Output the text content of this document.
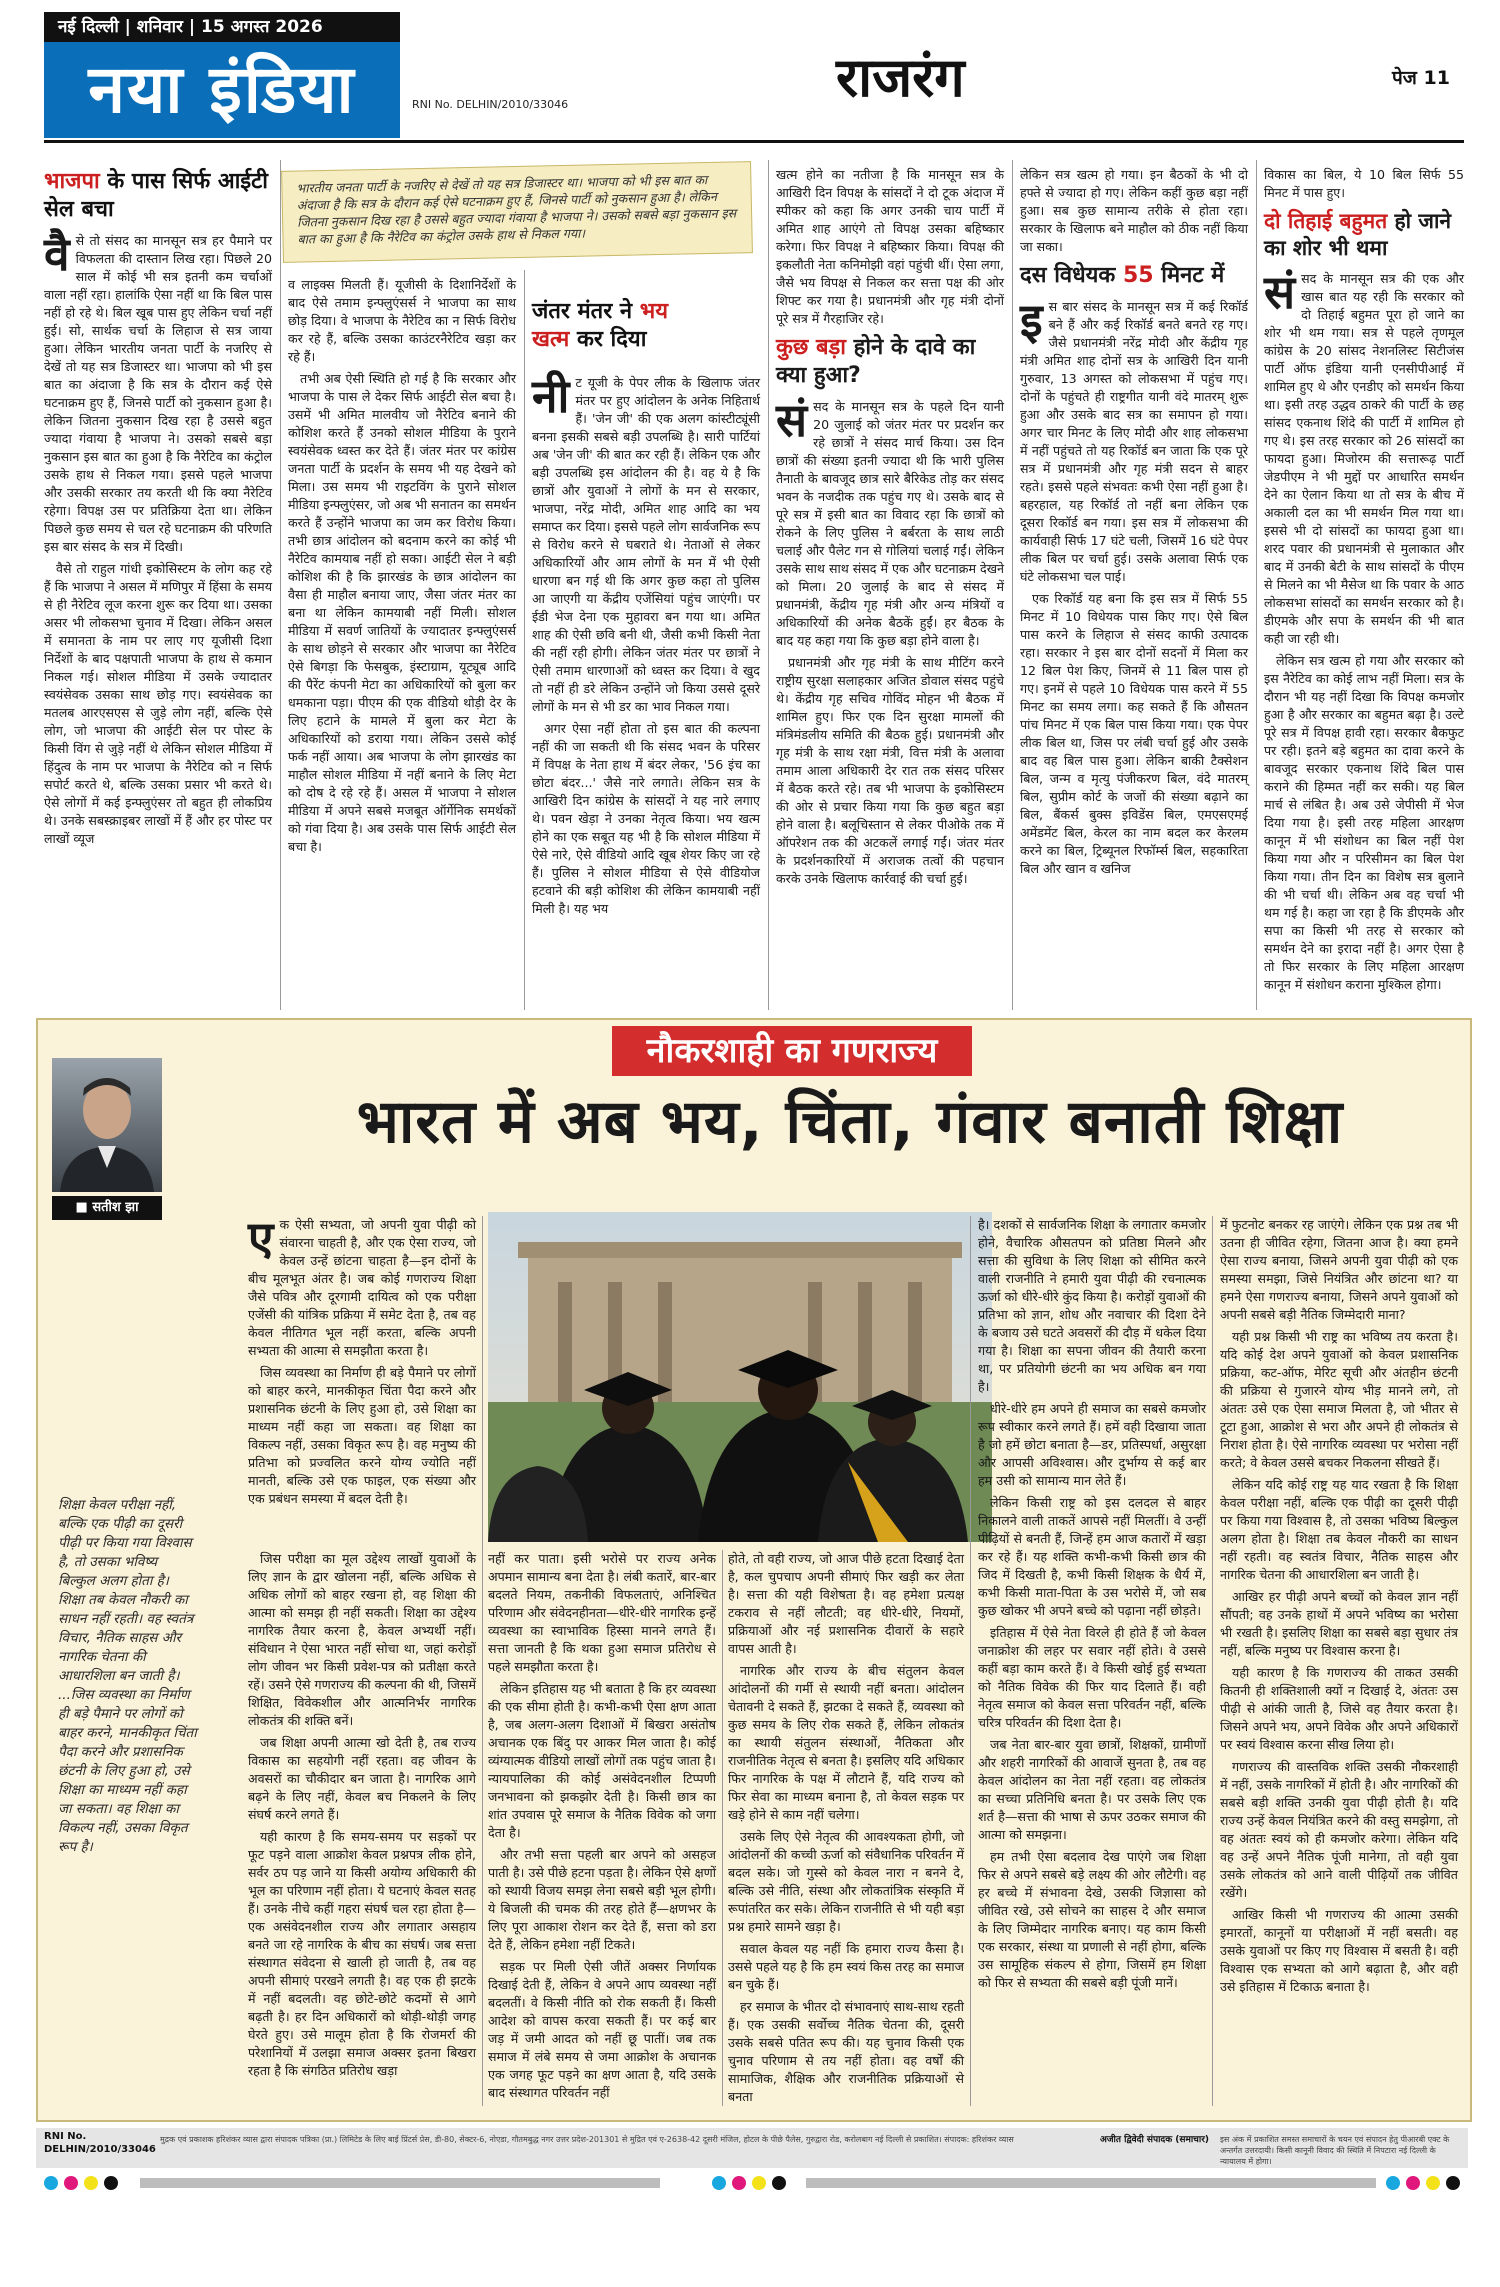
नई दिल्ली | शनिवार | 15 अगस्त 2026
नया इंडिया	RNI No. DELHIN/2010/33046	राजरंग	पेज 11
भाजपा के पास सिर्फ आईटी सेल बचा

वैसे तो संसद का मानसून सत्र हर पैमाने पर विफलता की दास्तान लिख रहा। पिछले 20 साल में कोई भी सत्र इतनी कम चर्चाओं वाला नहीं रहा। हालांकि ऐसा नहीं था कि बिल पास नहीं हो रहे थे। बिल खूब पास हुए लेकिन चर्चा नहीं हुई। सो, सार्थक चर्चा के लिहाज से सत्र जाया हुआ। लेकिन भारतीय जनता पार्टी के नजरिए से देखें तो यह सत्र डिजास्टर था। भाजपा को भी इस बात का अंदाजा है कि सत्र के दौरान कई ऐसे घटनाक्रम हुए हैं, जिनसे पार्टी को नुकसान हुआ है। लेकिन जितना नुकसान दिख रहा है उससे बहुत ज्यादा गंवाया है भाजपा ने। उसको सबसे बड़ा नुकसान इस बात का हुआ है कि नैरेटिव का कंट्रोल उसके हाथ से निकल गया। इससे पहले भाजपा और उसकी सरकार तय करती थी कि क्या नैरेटिव रहेगा। विपक्ष उस पर प्रतिक्रिया देता था। लेकिन पिछले कुछ समय से चल रहे घटनाक्रम की परिणति इस बार संसद के सत्र में दिखी।

वैसे तो राहुल गांधी इकोसिस्टम के लोग कह रहे हैं कि भाजपा ने असल में मणिपुर में हिंसा के समय से ही नैरेटिव लूज करना शुरू कर दिया था। उसका असर भी लोकसभा चुनाव में दिखा। लेकिन असल में समानता के नाम पर लाए गए यूजीसी दिशा निर्देशों के बाद पक्षपाती भाजपा के हाथ से कमान निकल गई। सोशल मीडिया में उसके ज्यादातर स्वयंसेवक उसका साथ छोड़ गए। स्वयंसेवक का मतलब आरएसएस से जुड़े लोग नहीं, बल्कि ऐसे लोग, जो भाजपा की आईटी सेल पर पोस्ट के किसी विंग से जुड़े नहीं थे लेकिन सोशल मीडिया में हिंदुत्व के नाम पर भाजपा के नैरेटिव को न सिर्फ सपोर्ट करते थे, बल्कि उसका प्रसार भी करते थे। ऐसे लोगों में कई इन्फ्लुएंसर तो बहुत ही लोकप्रिय थे। उनके सबस्क्राइबर लाखों में हैं और हर पोस्ट पर लाखों व्यूज

भारतीय जनता पार्टी के नजरिए से देखें तो यह सत्र डिजास्टर था। भाजपा को भी इस बात का अंदाजा है कि सत्र के दौरान कई ऐसे घटनाक्रम हुए हैं, जिनसे पार्टी को नुकसान हुआ है। लेकिन जितना नुकसान दिख रहा है उससे बहुत ज्यादा गंवाया है भाजपा ने। उसको सबसे बड़ा नुकसान इस बात का हुआ है कि नैरेटिव का कंट्रोल उसके हाथ से निकल गया।

व लाइक्स मिलती हैं। यूजीसी के दिशानिर्देशों के बाद ऐसे तमाम इन्फ्लुएंसर्स ने भाजपा का साथ छोड़ दिया। वे भाजपा के नैरेटिव का न सिर्फ विरोध कर रहे हैं, बल्कि उसका काउंटरनैरेटिव खड़ा कर रहे हैं।

तभी अब ऐसी स्थिति हो गई है कि सरकार और भाजपा के पास ले देकर सिर्फ आईटी सेल बचा है। उसमें भी अमित मालवीय जो नैरेटिव बनाने की कोशिश करते हैं उनको सोशल मीडिया के पुराने स्वयंसेवक ध्वस्त कर देते हैं। जंतर मंतर पर कांग्रेस जनता पार्टी के प्रदर्शन के समय भी यह देखने को मिला। उस समय भी राइटविंग के पुराने सोशल मीडिया इन्फ्लुएंसर, जो अब भी सनातन का समर्थन करते हैं उन्होंने भाजपा का जम कर विरोध किया। तभी छात्र आंदोलन को बदनाम करने का कोई भी नैरेटिव कामयाब नहीं हो सका। आईटी सेल ने बड़ी कोशिश की है कि झारखंड के छात्र आंदोलन का वैसा ही माहौल बनाया जाए, जैसा जंतर मंतर का बना था लेकिन कामयाबी नहीं मिली। सोशल मीडिया में सवर्ण जातियों के ज्यादातर इन्फ्लुएंसर्स के साथ छोड़ने से सरकार और भाजपा का नैरेटिव ऐसे बिगड़ा कि फेसबुक, इंस्टाग्राम, यूट्यूब आदि की पैरेंट कंपनी मेटा का अधिकारियों को बुला कर धमकाना पड़ा। पीएम की एक वीडियो थोड़ी देर के लिए हटाने के मामले में बुला कर मेटा के अधिकारियों को डराया गया। लेकिन उससे कोई फर्क नहीं आया। अब भाजपा के लोग झारखंड का माहौल सोशल मीडिया में नहीं बनाने के लिए मेटा को दोष दे रहे रहे हैं। असल में भाजपा ने सोशल मीडिया में अपने सबसे मजबूत ऑर्गेनिक समर्थकों को गंवा दिया है। अब उसके पास सिर्फ आईटी सेल बचा है।

जंतर मंतर ने भय
खत्म कर दिया

नीट यूजी के पेपर लीक के खिलाफ जंतर मंतर पर हुए आंदोलन के अनेक निहितार्थ हैं। 'जेन जी' की एक अलग कांस्टीट्यूंसी बनना इसकी सबसे बड़ी उपलब्धि है। सारी पार्टियां अब 'जेन जी' की बात कर रही हैं। लेकिन एक और बड़ी उपलब्धि इस आंदोलन की है। वह ये है कि छात्रों और युवाओं ने लोगों के मन से सरकार, भाजपा, नरेंद्र मोदी, अमित शाह आदि का भय समाप्त कर दिया। इससे पहले लोग सार्वजनिक रूप से विरोध करने से घबराते थे। नेताओं से लेकर अधिकारियों और आम लोगों के मन में भी ऐसी धारणा बन गई थी कि अगर कुछ कहा तो पुलिस आ जाएगी या केंद्रीय एजेंसियां पहुंच जाएंगी। पर ईडी भेज देना एक मुहावरा बन गया था। अमित शाह की ऐसी छवि बनी थी, जैसी कभी किसी नेता की नहीं रही होगी। लेकिन जंतर मंतर पर छात्रों ने ऐसी तमाम धारणाओं को ध्वस्त कर दिया। वे खुद तो नहीं ही डरे लेकिन उन्होंने जो किया उससे दूसरे लोगों के मन से भी डर का भाव निकल गया।

अगर ऐसा नहीं होता तो इस बात की कल्पना नहीं की जा सकती थी कि संसद भवन के परिसर में विपक्ष के नेता हाथ में बंदर लेकर, '56 इंच का छोटा बंदर...' जैसे नारे लगाते। लेकिन सत्र के आखिरी दिन कांग्रेस के सांसदों ने यह नारे लगाए थे। पवन खेड़ा ने उनका नेतृत्व किया। भय खत्म होने का एक सबूत यह भी है कि सोशल मीडिया में ऐसे नारे, ऐसे वीडियो आदि खूब शेयर किए जा रहे हैं। पुलिस ने सोशल मीडिया से ऐसे वीडियोज हटवाने की बड़ी कोशिश की लेकिन कामयाबी नहीं मिली है। यह भय

खत्म होने का नतीजा है कि मानसून सत्र के आखिरी दिन विपक्ष के सांसदों ने दो टूक अंदाज में स्पीकर को कहा कि अगर उनकी चाय पार्टी में अमित शाह आएंगे तो विपक्ष उसका बहिष्कार करेगा। फिर विपक्ष ने बहिष्कार किया। विपक्ष की इकलौती नेता कनिमोझी वहां पहुंची थीं। ऐसा लगा, जैसे भय विपक्ष से निकल कर सत्ता पक्ष की ओर शिफ्ट कर गया है। प्रधानमंत्री और गृह मंत्री दोनों पूरे सत्र में गैरहाजिर रहे।

कुछ बड़ा होने के दावे का क्या हुआ?

संसद के मानसून सत्र के पहले दिन यानी 20 जुलाई को जंतर मंतर पर प्रदर्शन कर रहे छात्रों ने संसद मार्च किया। उस दिन छात्रों की संख्या इतनी ज्यादा थी कि भारी पुलिस तैनाती के बावजूद छात्र सारे बैरिकेड तोड़ कर संसद भवन के नजदीक तक पहुंच गए थे। उसके बाद से पूरे सत्र में इसी बात का विवाद रहा कि छात्रों को रोकने के लिए पुलिस ने बर्बरता के साथ लाठी चलाई और पैलेट गन से गोलियां चलाई गईं। लेकिन उसके साथ साथ संसद में एक और घटनाक्रम देखने को मिला। 20 जुलाई के बाद से संसद में प्रधानमंत्री, केंद्रीय गृह मंत्री और अन्य मंत्रियों व अधिकारियों की अनेक बैठकें हुईं। हर बैठक के बाद यह कहा गया कि कुछ बड़ा होने वाला है।

प्रधानमंत्री और गृह मंत्री के साथ मीटिंग करने राष्ट्रीय सुरक्षा सलाहकार अजित डोवाल संसद पहुंचे थे। केंद्रीय गृह सचिव गोविंद मोहन भी बैठक में शामिल हुए। फिर एक दिन सुरक्षा मामलों की मंत्रिमंडलीय समिति की बैठक हुई। प्रधानमंत्री और गृह मंत्री के साथ रक्षा मंत्री, वित्त मंत्री के अलावा तमाम आला अधिकारी देर रात तक संसद परिसर में बैठक करते रहे। तब भी भाजपा के इकोसिस्टम की ओर से प्रचार किया गया कि कुछ बहुत बड़ा होने वाला है। बलूचिस्तान से लेकर पीओके तक में ऑपरेशन तक की अटकलें लगाई गईं। जंतर मंतर के प्रदर्शनकारियों में अराजक तत्वों की पहचान करके उनके खिलाफ कार्रवाई की चर्चा हुई।

लेकिन सत्र खत्म हो गया। इन बैठकों के भी दो हफ्ते से ज्यादा हो गए। लेकिन कहीं कुछ बड़ा नहीं हुआ। सब कुछ सामान्य तरीके से होता रहा। सरकार के खिलाफ बने माहौल को ठीक नहीं किया जा सका।

दस विधेयक 55 मिनट में

इस बार संसद के मानसून सत्र में कई रिकॉर्ड बने हैं और कई रिकॉर्ड बनते बनते रह गए। जैसे प्रधानमंत्री नरेंद्र मोदी और केंद्रीय गृह मंत्री अमित शाह दोनों सत्र के आखिरी दिन यानी गुरुवार, 13 अगस्त को लोकसभा में पहुंच गए। दोनों के पहुंचते ही राष्ट्रगीत यानी वंदे मातरम् शुरू हुआ और उसके बाद सत्र का समापन हो गया। अगर चार मिनट के लिए मोदी और शाह लोकसभा में नहीं पहुंचते तो यह रिकॉर्ड बन जाता कि एक पूरे सत्र में प्रधानमंत्री और गृह मंत्री सदन से बाहर रहते। इससे पहले संभवतः कभी ऐसा नहीं हुआ है। बहरहाल, यह रिकॉर्ड तो नहीं बना लेकिन एक दूसरा रिकॉर्ड बन गया। इस सत्र में लोकसभा की कार्यवाही सिर्फ 17 घंटे चली, जिसमें 16 घंटे पेपर लीक बिल पर चर्चा हुई। उसके अलावा सिर्फ एक घंटे लोकसभा चल पाई।

एक रिकॉर्ड यह बना कि इस सत्र में सिर्फ 55 मिनट में 10 विधेयक पास किए गए। ऐसे बिल पास करने के लिहाज से संसद काफी उत्पादक रहा। सरकार ने इस बार दोनों सदनों में मिला कर 12 बिल पेश किए, जिनमें से 11 बिल पास हो गए। इनमें से पहले 10 विधेयक पास करने में 55 मिनट का समय लगा। कह सकते हैं कि औसतन पांच मिनट में एक बिल पास किया गया। एक पेपर लीक बिल था, जिस पर लंबी चर्चा हुई और उसके बाद वह बिल पास हुआ। लेकिन बाकी टैक्सेशन बिल, जन्म व मृत्यु पंजीकरण बिल, वंदे मातरम् बिल, सुप्रीम कोर्ट के जजों की संख्या बढ़ाने का बिल, बैंकर्स बुक्स इविडेंस बिल, एमएसएमई अमेंडमेंट बिल, केरल का नाम बदल कर केरलम करने का बिल, ट्रिब्यूनल रिफॉर्म्स बिल, सहकारिता बिल और खान व खनिज

विकास का बिल, ये 10 बिल सिर्फ 55 मिनट में पास हुए।

दो तिहाई बहुमत हो जाने का शोर भी थमा

संसद के मानसून सत्र की एक और खास बात यह रही कि सरकार को दो तिहाई बहुमत पूरा हो जाने का शोर भी थम गया। सत्र से पहले तृणमूल कांग्रेस के 20 सांसद नेशनलिस्ट सिटीजंस पार्टी ऑफ इंडिया यानी एनसीपीआई में शामिल हुए थे और एनडीए को समर्थन किया था। इसी तरह उद्धव ठाकरे की पार्टी के छह सांसद एकनाथ शिंदे की पार्टी में शामिल हो गए थे। इस तरह सरकार को 26 सांसदों का फायदा हुआ। मिजोरम की सत्तारूढ़ पार्टी जेडपीएम ने भी मुद्दों पर आधारित समर्थन देने का ऐलान किया था तो सत्र के बीच में अकाली दल का भी समर्थन मिल गया था। इससे भी दो सांसदों का फायदा हुआ था। शरद पवार की प्रधानमंत्री से मुलाकात और बाद में उनकी बेटी के साथ सांसदों के पीएम से मिलने का भी मैसेज था कि पवार के आठ लोकसभा सांसदों का समर्थन सरकार को है। डीएमके और सपा के समर्थन की भी बात कही जा रही थी।

लेकिन सत्र खत्म हो गया और सरकार को इस नैरेटिव का कोई लाभ नहीं मिला। सत्र के दौरान भी यह नहीं दिखा कि विपक्ष कमजोर हुआ है और सरकार का बहुमत बढ़ा है। उल्टे पूरे सत्र में विपक्ष हावी रहा। सरकार बैकफुट पर रही। इतने बड़े बहुमत का दावा करने के बावजूद सरकार एकनाथ शिंदे बिल पास कराने की हिम्मत नहीं कर सकी। यह बिल मार्च से लंबित है। अब उसे जेपीसी में भेज दिया गया है। इसी तरह महिला आरक्षण कानून में भी संशोधन का बिल नहीं पेश किया गया और न परिसीमन का बिल पेश किया गया। तीन दिन का विशेष सत्र बुलाने की भी चर्चा थी। लेकिन अब वह चर्चा भी थम गई है। कहा जा रहा है कि डीएमके और सपा का किसी भी तरह से सरकार को समर्थन देने का इरादा नहीं है। अगर ऐसा है तो फिर सरकार के लिए महिला आरक्षण कानून में संशोधन कराना मुश्किल होगा।

नौकरशाही का गणराज्य
भारत में अब भय, चिंता, गंवार बनाती शिक्षा
■ सतीश झा
शिक्षा केवल परीक्षा नहीं, बल्कि एक पीढ़ी का दूसरी पीढ़ी पर किया गया विश्वास है, तो उसका भविष्य बिल्कुल अलग होता है। शिक्षा तब केवल नौकरी का साधन नहीं रहती। वह स्वतंत्र विचार, नैतिक साहस और नागरिक चेतना की आधारशिला बन जाती है। ...जिस व्यवस्था का निर्माण ही बड़े पैमाने पर लोगों को बाहर करने, मानकीकृत चिंता पैदा करने और प्रशासनिक छंटनी के लिए हुआ हो, उसे शिक्षा का माध्यम नहीं कहा जा सकता। वह शिक्षा का विकल्प नहीं, उसका विकृत रूप है।

एक ऐसी सभ्यता, जो अपनी युवा पीढ़ी को संवारना चाहती है, और एक ऐसा राज्य, जो केवल उन्हें छांटना चाहता है—इन दोनों के बीच मूलभूत अंतर है। जब कोई गणराज्य शिक्षा जैसे पवित्र और दूरगामी दायित्व को एक परीक्षा एजेंसी की यांत्रिक प्रक्रिया में समेट देता है, तब वह केवल नीतिगत भूल नहीं करता, बल्कि अपनी सभ्यता की आत्मा से समझौता करता है।

जिस व्यवस्था का निर्माण ही बड़े पैमाने पर लोगों को बाहर करने, मानकीकृत चिंता पैदा करने और प्रशासनिक छंटनी के लिए हुआ हो, उसे शिक्षा का माध्यम नहीं कहा जा सकता। वह शिक्षा का विकल्प नहीं, उसका विकृत रूप है। वह मनुष्य की प्रतिभा को प्रज्वलित करने योग्य ज्योति नहीं मानती, बल्कि उसे एक फाइल, एक संख्या और एक प्रबंधन समस्या में बदल देती है।

जिस परीक्षा का मूल उद्देश्य लाखों युवाओं के लिए ज्ञान के द्वार खोलना नहीं, बल्कि अधिक से अधिक लोगों को बाहर रखना हो, वह शिक्षा की आत्मा को समझ ही नहीं सकती। शिक्षा का उद्देश्य नागरिक तैयार करना है, केवल अभ्यर्थी नहीं। संविधान ने ऐसा भारत नहीं सोचा था, जहां करोड़ों लोग जीवन भर किसी प्रवेश-पत्र को प्रतीक्षा करते रहें। उसने ऐसे गणराज्य की कल्पना की थी, जिसमें शिक्षित, विवेकशील और आत्मनिर्भर नागरिक लोकतंत्र की शक्ति बनें।

जब शिक्षा अपनी आत्मा खो देती है, तब राज्य विकास का सहयोगी नहीं रहता। वह जीवन के अवसरों का चौकीदार बन जाता है। नागरिक आगे बढ़ने के लिए नहीं, केवल बच निकलने के लिए संघर्ष करने लगते हैं।

यही कारण है कि समय-समय पर सड़कों पर फूट पड़ने वाला आक्रोश केवल प्रश्नपत्र लीक होने, सर्वर ठप पड़ जाने या किसी अयोग्य अधिकारी की भूल का परिणाम नहीं होता। ये घटनाएं केवल सतह हैं। उनके नीचे कहीं गहरा संघर्ष चल रहा होता है—एक असंवेदनशील राज्य और लगातार असहाय बनते जा रहे नागरिक के बीच का संघर्ष। जब सत्ता संस्थागत संवेदना से खाली हो जाती है, तब वह अपनी सीमाएं परखने लगती है। वह एक ही झटके में नहीं बदलती। वह छोटे-छोटे कदमों से आगे बढ़ती है। हर दिन अधिकारों को थोड़ी-थोड़ी जगह घेरते हुए। उसे मालूम होता है कि रोजमर्रा की परेशानियों में उलझा समाज अक्सर इतना बिखरा रहता है कि संगठित प्रतिरोध खड़ा

नहीं कर पाता। इसी भरोसे पर राज्य अनेक अपमान सामान्य बना देता है। लंबी कतारें, बार-बार बदलते नियम, तकनीकी विफलताएं, अनिश्चित परिणाम और संवेदनहीनता—धीरे-धीरे नागरिक इन्हें व्यवस्था का स्वाभाविक हिस्सा मानने लगते हैं। सत्ता जानती है कि थका हुआ समाज प्रतिरोध से पहले समझौता करता है।

लेकिन इतिहास यह भी बताता है कि हर व्यवस्था की एक सीमा होती है। कभी-कभी ऐसा क्षण आता है, जब अलग-अलग दिशाओं में बिखरा असंतोष अचानक एक बिंदु पर आकर मिल जाता है। कोई व्यंग्यात्मक वीडियो लाखों लोगों तक पहुंच जाता है। न्यायपालिका की कोई असंवेदनशील टिप्पणी जनभावना को झकझोर देती है। किसी छात्र का शांत उपवास पूरे समाज के नैतिक विवेक को जगा देता है।

और तभी सत्ता पहली बार अपने को असहज पाती है। उसे पीछे हटना पड़ता है। लेकिन ऐसे क्षणों को स्थायी विजय समझ लेना सबसे बड़ी भूल होगी। ये बिजली की चमक की तरह होते हैं—क्षणभर के लिए पूरा आकाश रोशन कर देते हैं, सत्ता को डरा देते हैं, लेकिन हमेशा नहीं टिकते।

सड़क पर मिली ऐसी जीतें अक्सर निर्णायक दिखाई देती हैं, लेकिन वे अपने आप व्यवस्था नहीं बदलतीं। वे किसी नीति को रोक सकती हैं। किसी आदेश को वापस करवा सकती हैं। पर कई बार जड़ में जमी आदत को नहीं छू पातीं। जब तक समाज में लंबे समय से जमा आक्रोश के अचानक एक जगह फूट पड़ने का क्षण आता है, यदि उसके बाद संस्थागत परिवर्तन नहीं

होते, तो वही राज्य, जो आज पीछे हटता दिखाई देता है, कल चुपचाप अपनी सीमाएं फिर खड़ी कर लेता है। सत्ता की यही विशेषता है। वह हमेशा प्रत्यक्ष टकराव से नहीं लौटती; वह धीरे-धीरे, नियमों, प्रक्रियाओं और नई प्रशासनिक दीवारों के सहारे वापस आती है।

नागरिक और राज्य के बीच संतुलन केवल आंदोलनों की गर्मी से स्थायी नहीं बनता। आंदोलन चेतावनी दे सकते हैं, झटका दे सकते हैं, व्यवस्था को कुछ समय के लिए रोक सकते हैं, लेकिन लोकतंत्र का स्थायी संतुलन संस्थाओं, नैतिकता और राजनीतिक नेतृत्व से बनता है। इसलिए यदि अधिकार फिर नागरिक के पक्ष में लौटाने हैं, यदि राज्य को फिर सेवा का माध्यम बनाना है, तो केवल सड़क पर खड़े होने से काम नहीं चलेगा।

उसके लिए ऐसे नेतृत्व की आवश्यकता होगी, जो आंदोलनों की कच्ची ऊर्जा को संवैधानिक परिवर्तन में बदल सके। जो गुस्से को केवल नारा न बनने दे, बल्कि उसे नीति, संस्था और लोकतांत्रिक संस्कृति में रूपांतरित कर सके। लेकिन राजनीति से भी यही बड़ा प्रश्न हमारे सामने खड़ा है।

सवाल केवल यह नहीं कि हमारा राज्य कैसा है। उससे पहले यह है कि हम स्वयं किस तरह का समाज बन चुके हैं।

हर समाज के भीतर दो संभावनाएं साथ-साथ रहती हैं। एक उसकी सर्वोच्च नैतिक चेतना की, दूसरी उसके सबसे पतित रूप की। यह चुनाव किसी एक चुनाव परिणाम से तय नहीं होता। वह वर्षों की सामाजिक, शैक्षिक और राजनीतिक प्रक्रियाओं से बनता

है। दशकों से सार्वजनिक शिक्षा के लगातार कमजोर होने, वैचारिक औसतपन को प्रतिष्ठा मिलने और सत्ता की सुविधा के लिए शिक्षा को सीमित करने वाली राजनीति ने हमारी युवा पीढ़ी की रचनात्मक ऊर्जा को धीरे-धीरे कुंद किया है। करोड़ों युवाओं की प्रतिभा को ज्ञान, शोध और नवाचार की दिशा देने के बजाय उसे घटते अवसरों की दौड़ में धकेल दिया गया है। शिक्षा का सपना जीवन की तैयारी करना था, पर प्रतियोगी छंटनी का भय अधिक बन गया है।

धीरे-धीरे हम अपने ही समाज का सबसे कमजोर रूप स्वीकार करने लगते हैं। हमें वही दिखाया जाता है जो हमें छोटा बनाता है—डर, प्रतिस्पर्धा, असुरक्षा और आपसी अविश्वास। और दुर्भाग्य से कई बार हम उसी को सामान्य मान लेते हैं।

लेकिन किसी राष्ट्र को इस दलदल से बाहर निकालने वाली ताकतें आपसे नहीं मिलतीं। वे उन्हीं पीढ़ियों से बनती हैं, जिन्हें हम आज कतारों में खड़ा कर रहे हैं। यह शक्ति कभी-कभी किसी छात्र की जिद में दिखती है, कभी किसी शिक्षक के धैर्य में, कभी किसी माता-पिता के उस भरोसे में, जो सब कुछ खोकर भी अपने बच्चे को पढ़ाना नहीं छोड़ते।

इतिहास में ऐसे नेता विरले ही होते हैं जो केवल जनाक्रोश की लहर पर सवार नहीं होते। वे उससे कहीं बड़ा काम करते हैं। वे किसी खोई हुई सभ्यता को नैतिक विवेक की फिर याद दिलाते हैं। वही नेतृत्व समाज को केवल सत्ता परिवर्तन नहीं, बल्कि चरित्र परिवर्तन की दिशा देता है।

जब नेता बार-बार युवा छात्रों, शिक्षकों, ग्रामीणों और शहरी नागरिकों की आवाजें सुनता है, तब वह केवल आंदोलन का नेता नहीं रहता। वह लोकतंत्र का सच्चा प्रतिनिधि बनता है। पर उसके लिए एक शर्त है—सत्ता की भाषा से ऊपर उठकर समाज की आत्मा को समझना।

हम तभी ऐसा बदलाव देख पाएंगे जब शिक्षा फिर से अपने सबसे बड़े लक्ष्य की ओर लौटेगी। वह हर बच्चे में संभावना देखे, उसकी जिज्ञासा को जीवित रखे, उसे सोचने का साहस दे और समाज के लिए जिम्मेदार नागरिक बनाए। यह काम किसी एक सरकार, संस्था या प्रणाली से नहीं होगा, बल्कि उस सामूहिक संकल्प से होगा, जिसमें हम शिक्षा को फिर से सभ्यता की सबसे बड़ी पूंजी मानें।

में फुटनोट बनकर रह जाएंगे। लेकिन एक प्रश्न तब भी उतना ही जीवित रहेगा, जितना आज है। क्या हमने ऐसा राज्य बनाया, जिसने अपनी युवा पीढ़ी को एक समस्या समझा, जिसे नियंत्रित और छांटना था? या हमने ऐसा गणराज्य बनाया, जिसने अपने युवाओं को अपनी सबसे बड़ी नैतिक जिम्मेदारी माना?

यही प्रश्न किसी भी राष्ट्र का भविष्य तय करता है। यदि कोई देश अपने युवाओं को केवल प्रशासनिक प्रक्रिया, कट-ऑफ, मेरिट सूची और अंतहीन छंटनी की प्रक्रिया से गुजारने योग्य भीड़ मानने लगे, तो अंततः उसे एक ऐसा समाज मिलता है, जो भीतर से टूटा हुआ, आक्रोश से भरा और अपने ही लोकतंत्र से निराश होता है। ऐसे नागरिक व्यवस्था पर भरोसा नहीं करते; वे केवल उससे बचकर निकलना सीखते हैं।

लेकिन यदि कोई राष्ट्र यह याद रखता है कि शिक्षा केवल परीक्षा नहीं, बल्कि एक पीढ़ी का दूसरी पीढ़ी पर किया गया विश्वास है, तो उसका भविष्य बिल्कुल अलग होता है। शिक्षा तब केवल नौकरी का साधन नहीं रहती। वह स्वतंत्र विचार, नैतिक साहस और नागरिक चेतना की आधारशिला बन जाती है।

आखिर हर पीढ़ी अपने बच्चों को केवल ज्ञान नहीं सौंपती; वह उनके हाथों में अपने भविष्य का भरोसा भी रखती है। इसलिए शिक्षा का सबसे बड़ा सुधार तंत्र नहीं, बल्कि मनुष्य पर विश्वास करना है।

यही कारण है कि गणराज्य की ताकत उसकी कितनी ही शक्तिशाली क्यों न दिखाई दे, अंततः उस पीढ़ी से आंकी जाती है, जिसे वह तैयार करता है। जिसने अपने भय, अपने विवेक और अपने अधिकारों पर स्वयं विश्वास करना सीख लिया हो।

गणराज्य की वास्तविक शक्ति उसकी नौकरशाही में नहीं, उसके नागरिकों में होती है। और नागरिकों की सबसे बड़ी शक्ति उनकी युवा पीढ़ी होती है। यदि राज्य उन्हें केवल नियंत्रित करने की वस्तु समझेगा, तो वह अंततः स्वयं को ही कमजोर करेगा। लेकिन यदि वह उन्हें अपने नैतिक पूंजी मानेगा, तो वही युवा उसके लोकतंत्र को आने वाली पीढ़ियों तक जीवित रखेंगे।

आखिर किसी भी गणराज्य की आत्मा उसकी इमारतों, कानूनों या परीक्षाओं में नहीं बसती। वह उसके युवाओं पर किए गए विश्वास में बसती है। वही विश्वास एक सभ्यता को आगे बढ़ाता है, और वही उसे इतिहास में टिकाऊ बनाता है।

RNI No. DELHIN/2010/33046
मुद्रक एवं प्रकाशक हरिशंकर व्यास द्वारा संपादक पत्रिका (प्रा.) लिमिटेड के लिए बाई प्रिंटर्स प्रेस, डी-80, सेक्टर-6, नोएडा, गौतमबुद्ध नगर उत्तर प्रदेश-201301 से मुद्रित एवं ए-2638-42 दूसरी मंजिल, होटल के पीछे पैलेस, गुरुद्वारा रोड, करोलबाग नई दिल्ली से प्रकाशित। संपादक: हरिशंकर व्यास	अजीत द्विवेदी संपादक (समाचार) इस अंक में प्रकाशित समस्त समाचारों के चयन एवं संपादन हेतु पीआरबी एक्ट के अन्तर्गत उत्तरदायी। किसी कानूनी विवाद की स्थिति में निपटारा नई दिल्ली के न्यायालय में होगा।
